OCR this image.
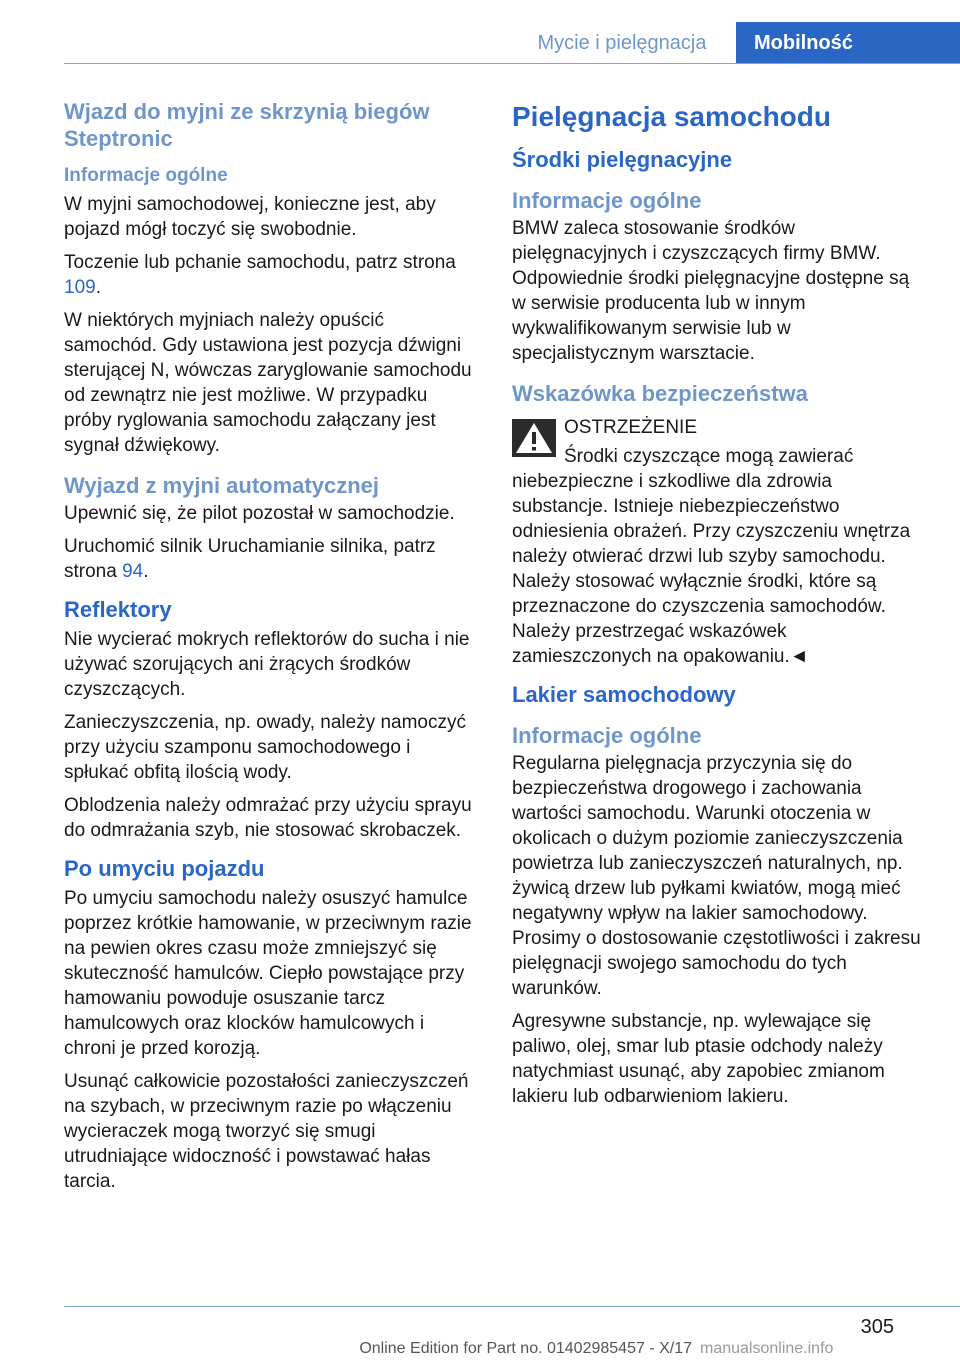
Mycie i pielęgnacja	Mobilność
Wjazd do myjni ze skrzynią biegów Steptronic
Informacje ogólne

W myjni samochodowej, konieczne jest, aby pojazd mógł toczyć się swobodnie.

Toczenie lub pchanie samochodu, patrz strona 109.

W niektórych myjniach należy opuścić samochód. Gdy ustawiona jest pozycja dźwigni sterującej N, wówczas zaryglowanie samochodu od zewnątrz nie jest możliwe. W przypadku próby ryglowania samochodu załączany jest sygnał dźwiękowy.

Wyjazd z myjni automatycznej

Upewnić się, że pilot pozostał w samochodzie.

Uruchomić silnik Uruchamianie silnika, patrz strona 94.

Reflektory

Nie wycierać mokrych reflektorów do sucha i nie używać szorujących ani żrących środków czyszczących.

Zanieczyszczenia, np. owady, należy namoczyć przy użyciu szamponu samochodowego i spłukać obfitą ilością wody.

Oblodzenia należy odmrażać przy użyciu sprayu do odmrażania szyb, nie stosować skrobaczek.

Po umyciu pojazdu

Po umyciu samochodu należy osuszyć hamulce poprzez krótkie hamowanie, w przeciwnym razie na pewien okres czasu może zmniejszyć się skuteczność hamulców. Ciepło powstające przy hamowaniu powoduje osuszanie tarcz hamulcowych oraz klocków hamulcowych i chroni je przed korozją.

Usunąć całkowicie pozostałości zanieczyszczeń na szybach, w przeciwnym razie po włączeniu wycieraczek mogą tworzyć się smugi utrudniające widoczność i powstawać hałas tarcia.

Pielęgnacja samochodu
Środki pielęgnacyjne
Informacje ogólne

BMW zaleca stosowanie środków pielęgnacyjnych i czyszczących firmy BMW. Odpowiednie środki pielęgnacyjne dostępne są w serwisie producenta lub w innym wykwalifikowanym serwisie lub w specjalistycznym warsztacie.

Wskazówka bezpieczeństwa

OSTRZEŻENIE

Środki czyszczące mogą zawierać niebezpieczne i szkodliwe dla zdrowia substancje. Istnieje niebezpieczeństwo odniesienia obrażeń. Przy czyszczeniu wnętrza należy otwierać drzwi lub szyby samochodu. Należy stosować wyłącznie środki, które są przeznaczone do czyszczenia samochodów. Należy przestrzegać wskazówek zamieszczonych na opakowaniu.◄

Lakier samochodowy
Informacje ogólne

Regularna pielęgnacja przyczynia się do bezpieczeństwa drogowego i zachowania wartości samochodu. Warunki otoczenia w okolicach o dużym poziomie zanieczyszczenia powietrza lub zanieczyszczeń naturalnych, np. żywicą drzew lub pyłkami kwiatów, mogą mieć negatywny wpływ na lakier samochodowy. Prosimy o dostosowanie częstotliwości i zakresu pielęgnacji swojego samochodu do tych warunków.

Agresywne substancje, np. wylewające się paliwo, olej, smar lub ptasie odchody należy natychmiast usunąć, aby zapobiec zmianom lakieru lub odbarwieniom lakieru.

305
Online Edition for Part no. 01402985457 - X/17 manualsonline.info
